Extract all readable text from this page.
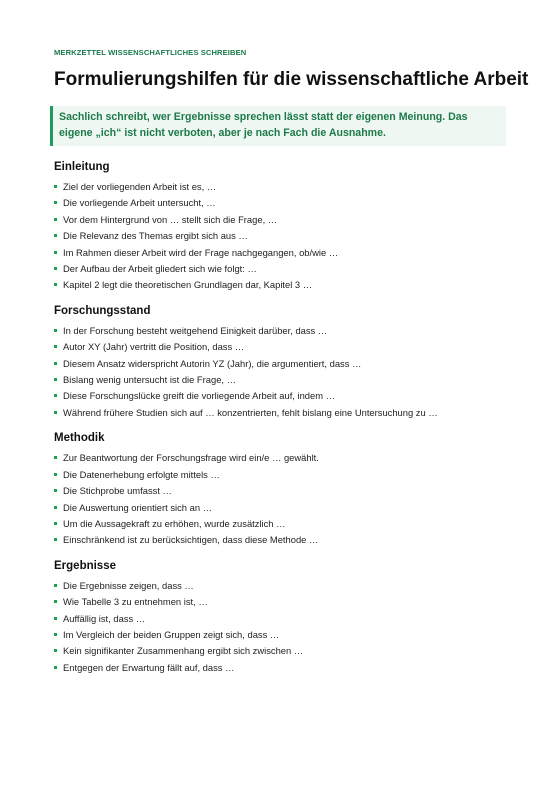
MERKZETTEL WISSENSCHAFTLICHES SCHREIBEN
Formulierungshilfen für die wissenschaftliche Arbeit
Sachlich schreibt, wer Ergebnisse sprechen lässt statt der eigenen Meinung. Das eigene „ich“ ist nicht verboten, aber je nach Fach die Ausnahme.
Einleitung
Ziel der vorliegenden Arbeit ist es, …
Die vorliegende Arbeit untersucht, …
Vor dem Hintergrund von … stellt sich die Frage, …
Die Relevanz des Themas ergibt sich aus …
Im Rahmen dieser Arbeit wird der Frage nachgegangen, ob/wie …
Der Aufbau der Arbeit gliedert sich wie folgt: …
Kapitel 2 legt die theoretischen Grundlagen dar, Kapitel 3 …
Forschungsstand
In der Forschung besteht weitgehend Einigkeit darüber, dass …
Autor XY (Jahr) vertritt die Position, dass …
Diesem Ansatz widerspricht Autorin YZ (Jahr), die argumentiert, dass …
Bislang wenig untersucht ist die Frage, …
Diese Forschungslücke greift die vorliegende Arbeit auf, indem …
Während frühere Studien sich auf … konzentrierten, fehlt bislang eine Untersuchung zu …
Methodik
Zur Beantwortung der Forschungsfrage wird ein/e … gewählt.
Die Datenerhebung erfolgte mittels …
Die Stichprobe umfasst …
Die Auswertung orientiert sich an …
Um die Aussagekraft zu erhöhen, wurde zusätzlich …
Einschränkend ist zu berücksichtigen, dass diese Methode …
Ergebnisse
Die Ergebnisse zeigen, dass …
Wie Tabelle 3 zu entnehmen ist, …
Auffällig ist, dass …
Im Vergleich der beiden Gruppen zeigt sich, dass …
Kein signifikanter Zusammenhang ergibt sich zwischen …
Entgegen der Erwartung fällt auf, dass …
